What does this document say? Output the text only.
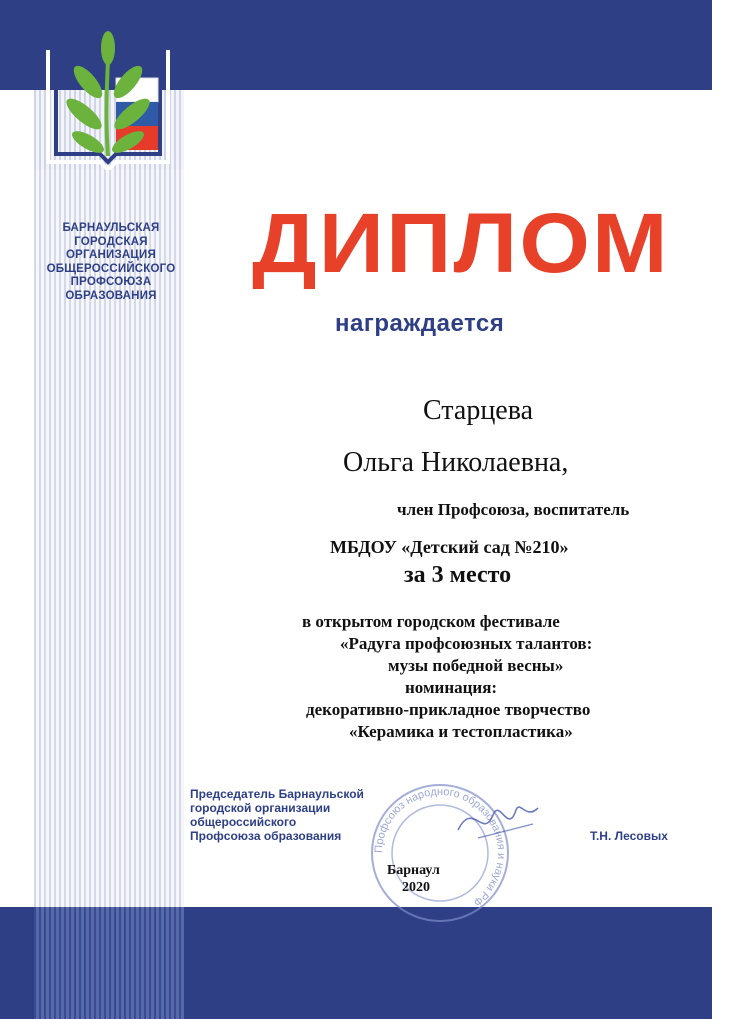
БАРНАУЛЬСКАЯ
ГОРОДСКАЯ
ОРГАНИЗАЦИЯ
ОБЩЕРОССИЙСКОГО
ПРОФСОЮЗА
ОБРАЗОВАНИЯ
ДИПЛОМ
награждается
Старцева
Ольга Николаевна,
член Профсоюза, воспитатель
МБДОУ «Детский сад №210»
за 3 место
в открытом городском фестивале
«Радуга профсоюзных талантов:
музы победной весны»
номинация:
декоративно-прикладное творчество
«Керамика и тестопластика»
Председатель Барнаульской
городской организации
общероссийского
Профсоюза образования
Профсоюз народного образования и науки РФ
Т.Н. Лесовых
Барнаул
2020
